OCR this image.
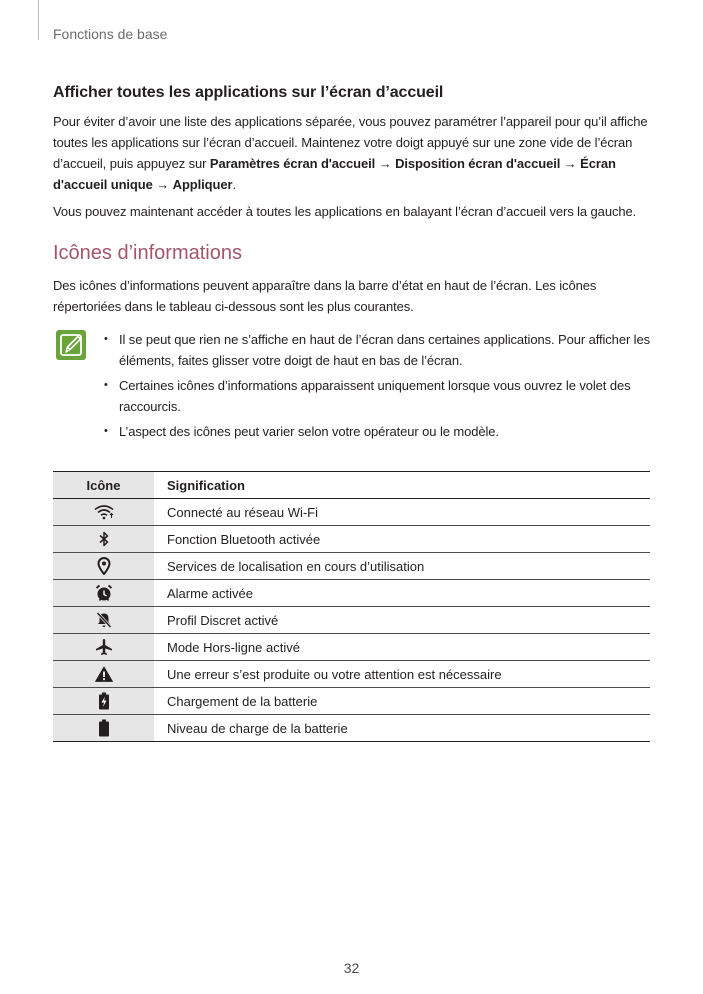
Fonctions de base
Afficher toutes les applications sur l’écran d’accueil

Pour éviter d’avoir une liste des applications séparée, vous pouvez paramétrer l’appareil pour qu’il affiche toutes les applications sur l’écran d’accueil. Maintenez votre doigt appuyé sur une zone vide de l’écran d’accueil, puis appuyez sur Paramètres écran d'accueil → Disposition écran d'accueil → Écran d'accueil unique → Appliquer.

Vous pouvez maintenant accéder à toutes les applications en balayant l’écran d’accueil vers la gauche.

Icônes d’informations

Des icônes d’informations peuvent apparaître dans la barre d’état en haut de l’écran. Les icônes répertoriées dans le tableau ci-dessous sont les plus courantes.

• Il se peut que rien ne s’affiche en haut de l’écran dans certaines applications. Pour afficher les éléments, faites glisser votre doigt de haut en bas de l’écran.
• Certaines icônes d’informations apparaissent uniquement lorsque vous ouvrez le volet des raccourcis.
• L’aspect des icônes peut varier selon votre opérateur ou le modèle.
Icône	Signification

	Connecté au réseau Wi-Fi

	Fonction Bluetooth activée

	Services de localisation en cours d’utilisation

	Alarme activée

	Profil Discret activé

	Mode Hors-ligne activé

	Une erreur s’est produite ou votre attention est nécessaire

	Chargement de la batterie

	Niveau de charge de la batterie
32
